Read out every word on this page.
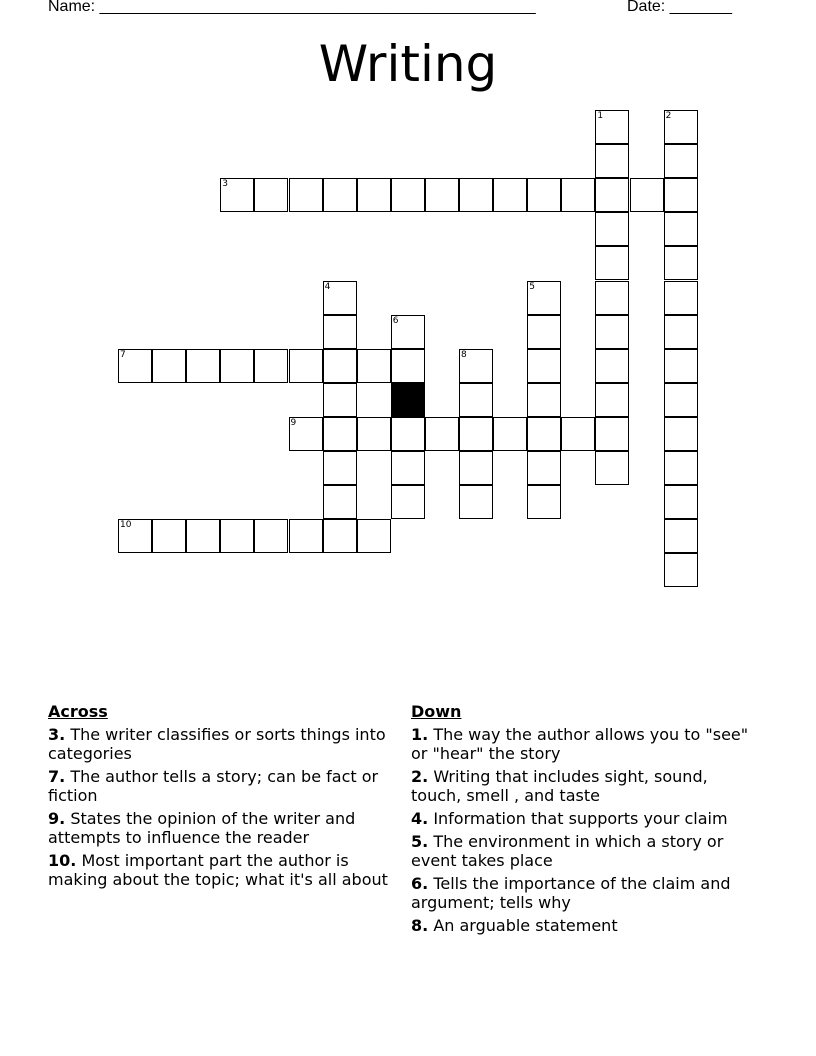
Name: _________________________________________________	Date: _______
Writing
1	2
3
4	5
6
7	8
9
10
Across
3. The writer classifies or sorts things into categories
7. The author tells a story; can be fact or fiction
9. States the opinion of the writer and attempts to influence the reader
10. Most important part the author is making about the topic; what it's all about
Down
1. The way the author allows you to "see" or "hear" the story
2. Writing that includes sight, sound, touch, smell , and taste
4. Information that supports your claim
5. The environment in which a story or event takes place
6. Tells the importance of the claim and argument; tells why
8. An arguable statement
